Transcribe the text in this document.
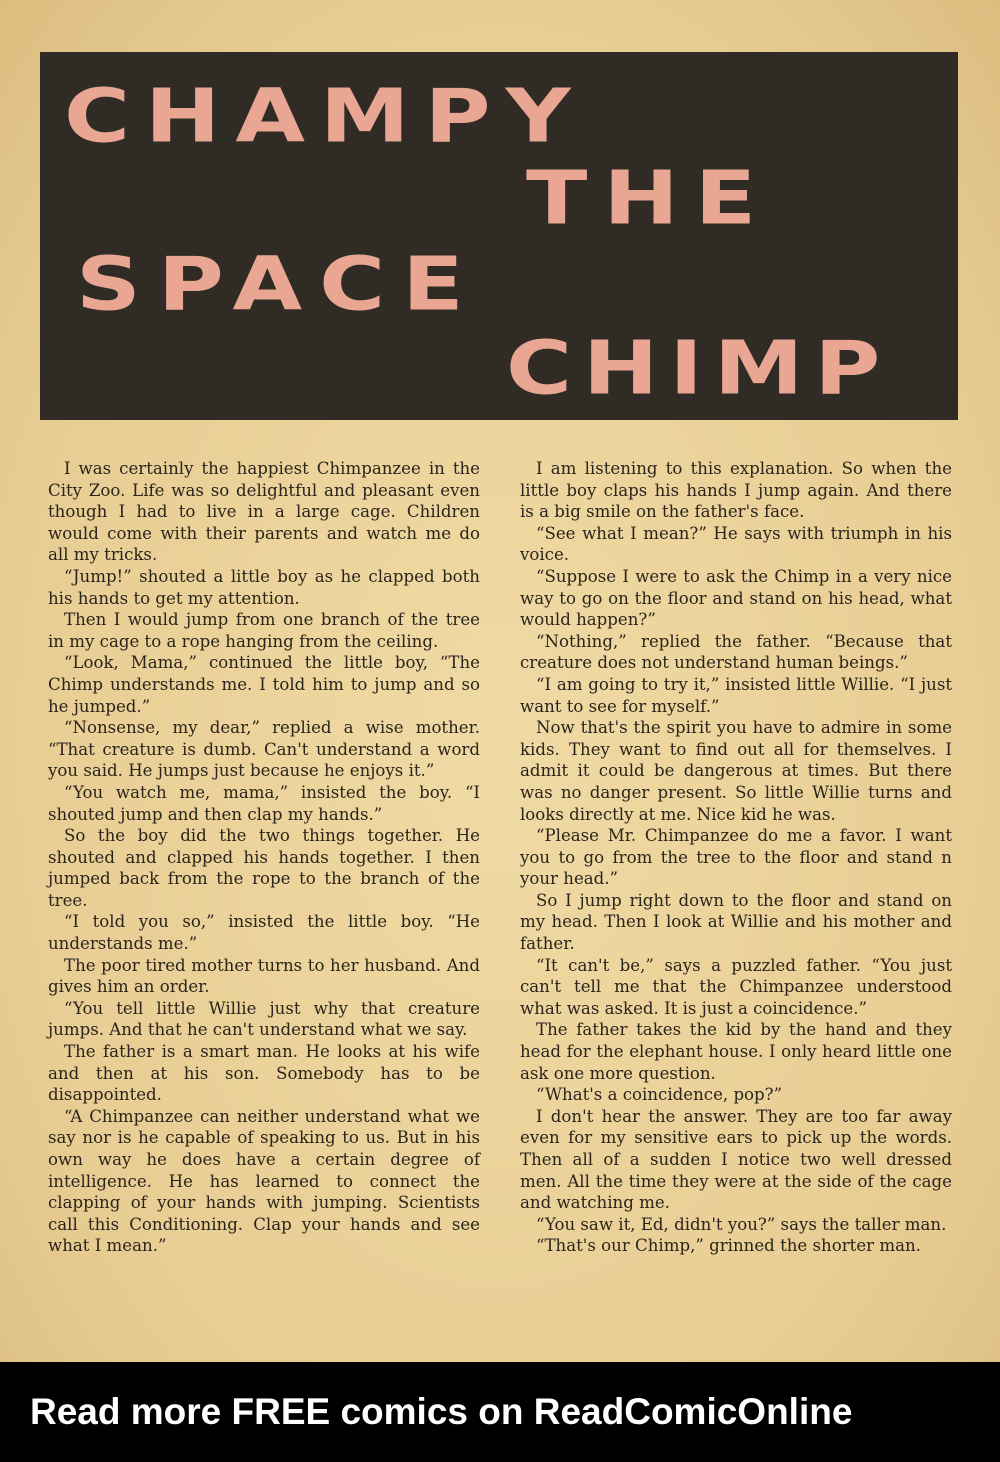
CHAMPY
THE
SPACE
CHIMP

I was certainly the happiest Chimpanzee in the City Zoo. Life was so delightful and pleasant even though I had to live in a large cage. Children would come with their parents and watch me do all my tricks.

“Jump!” shouted a little boy as he clapped both his hands to get my attention.

Then I would jump from one branch of the tree in my cage to a rope hanging from the ceiling.

“Look, Mama,” continued the little boy, “The Chimp understands me. I told him to jump and so he jumped.”

“Nonsense, my dear,” replied a wise mother. “That creature is dumb. Can't understand a word you said. He jumps just because he enjoys it.”

“You watch me, mama,” insisted the boy. “I shouted jump and then clap my hands.”

So the boy did the two things together. He shouted and clapped his hands together. I then jumped back from the rope to the branch of the tree.

“I told you so,” insisted the little boy. “He understands me.”

The poor tired mother turns to her husband. And gives him an order.

“You tell little Willie just why that creature jumps. And that he can't understand what we say.

The father is a smart man. He looks at his wife and then at his son. Somebody has to be disappointed.

“A Chimpanzee can neither understand what we say nor is he capable of speaking to us. But in his own way he does have a certain degree of intelligence. He has learned to connect the clapping of your hands with jumping. Scientists call this Conditioning. Clap your hands and see what I mean.”

I am listening to this explanation. So when the little boy claps his hands I jump again. And there is a big smile on the father's face.

“See what I mean?” He says with triumph in his voice.

“Suppose I were to ask the Chimp in a very nice way to go on the floor and stand on his head, what would happen?”

“Nothing,” replied the father. “Because that creature does not understand human beings.”

“I am going to try it,” insisted little Willie. “I just want to see for myself.”

Now that's the spirit you have to admire in some kids. They want to find out all for themselves. I admit it could be dangerous at times. But there was no danger present. So little Willie turns and looks directly at me. Nice kid he was.

“Please Mr. Chimpanzee do me a favor. I want you to go from the tree to the floor and stand n your head.”

So I jump right down to the floor and stand on my head. Then I look at Willie and his mother and father.

“It can't be,” says a puzzled father. “You just can't tell me that the Chimpanzee understood what was asked. It is just a coincidence.”

The father takes the kid by the hand and they head for the elephant house. I only heard little one ask one more question.

“What's a coincidence, pop?”

I don't hear the answer. They are too far away even for my sensitive ears to pick up the words. Then all of a sudden I notice two well dressed men. All the time they were at the side of the cage and watching me.

“You saw it, Ed, didn't you?” says the taller man.

“That's our Chimp,” grinned the shorter man.

Read more FREE comics on ReadComicOnline
